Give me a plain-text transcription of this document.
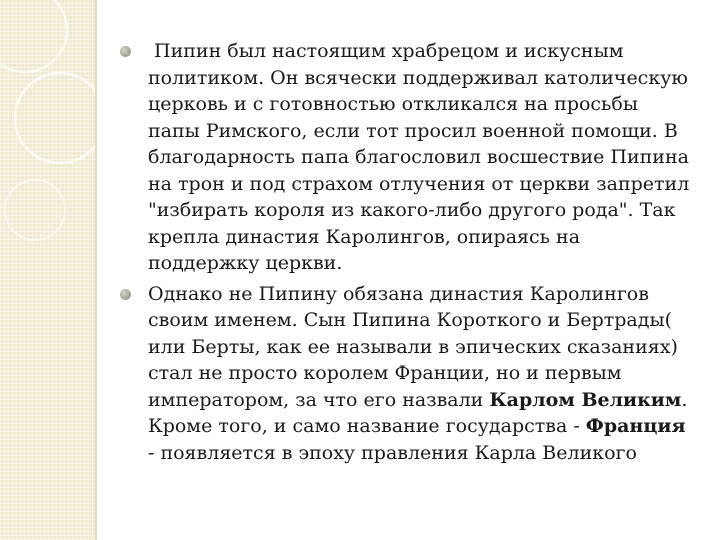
Пипин был настоящим храбрецом и искусным
политиком. Он всячески поддерживал католическую
церковь и с готовностью откликался на просьбы
папы Римского, если тот просил военной помощи. В
благодарность папа благословил восшествие Пипина
на трон и под страхом отлучения от церкви запретил
"избирать короля из какого-либо другого рода". Так
крепла династия Каролингов, опираясь на
поддержку церкви.
Однако не Пипину обязана династия Каролингов
своим именем. Сын Пипина Короткого и Бертрады(
или Берты, как ее называли в эпических сказаниях)
стал не просто королем Франции, но и первым
императором, за что его назвали Карлом Великим.
Кроме того, и само название государства - Франция
- появляется в эпоху правления Карла Великого
